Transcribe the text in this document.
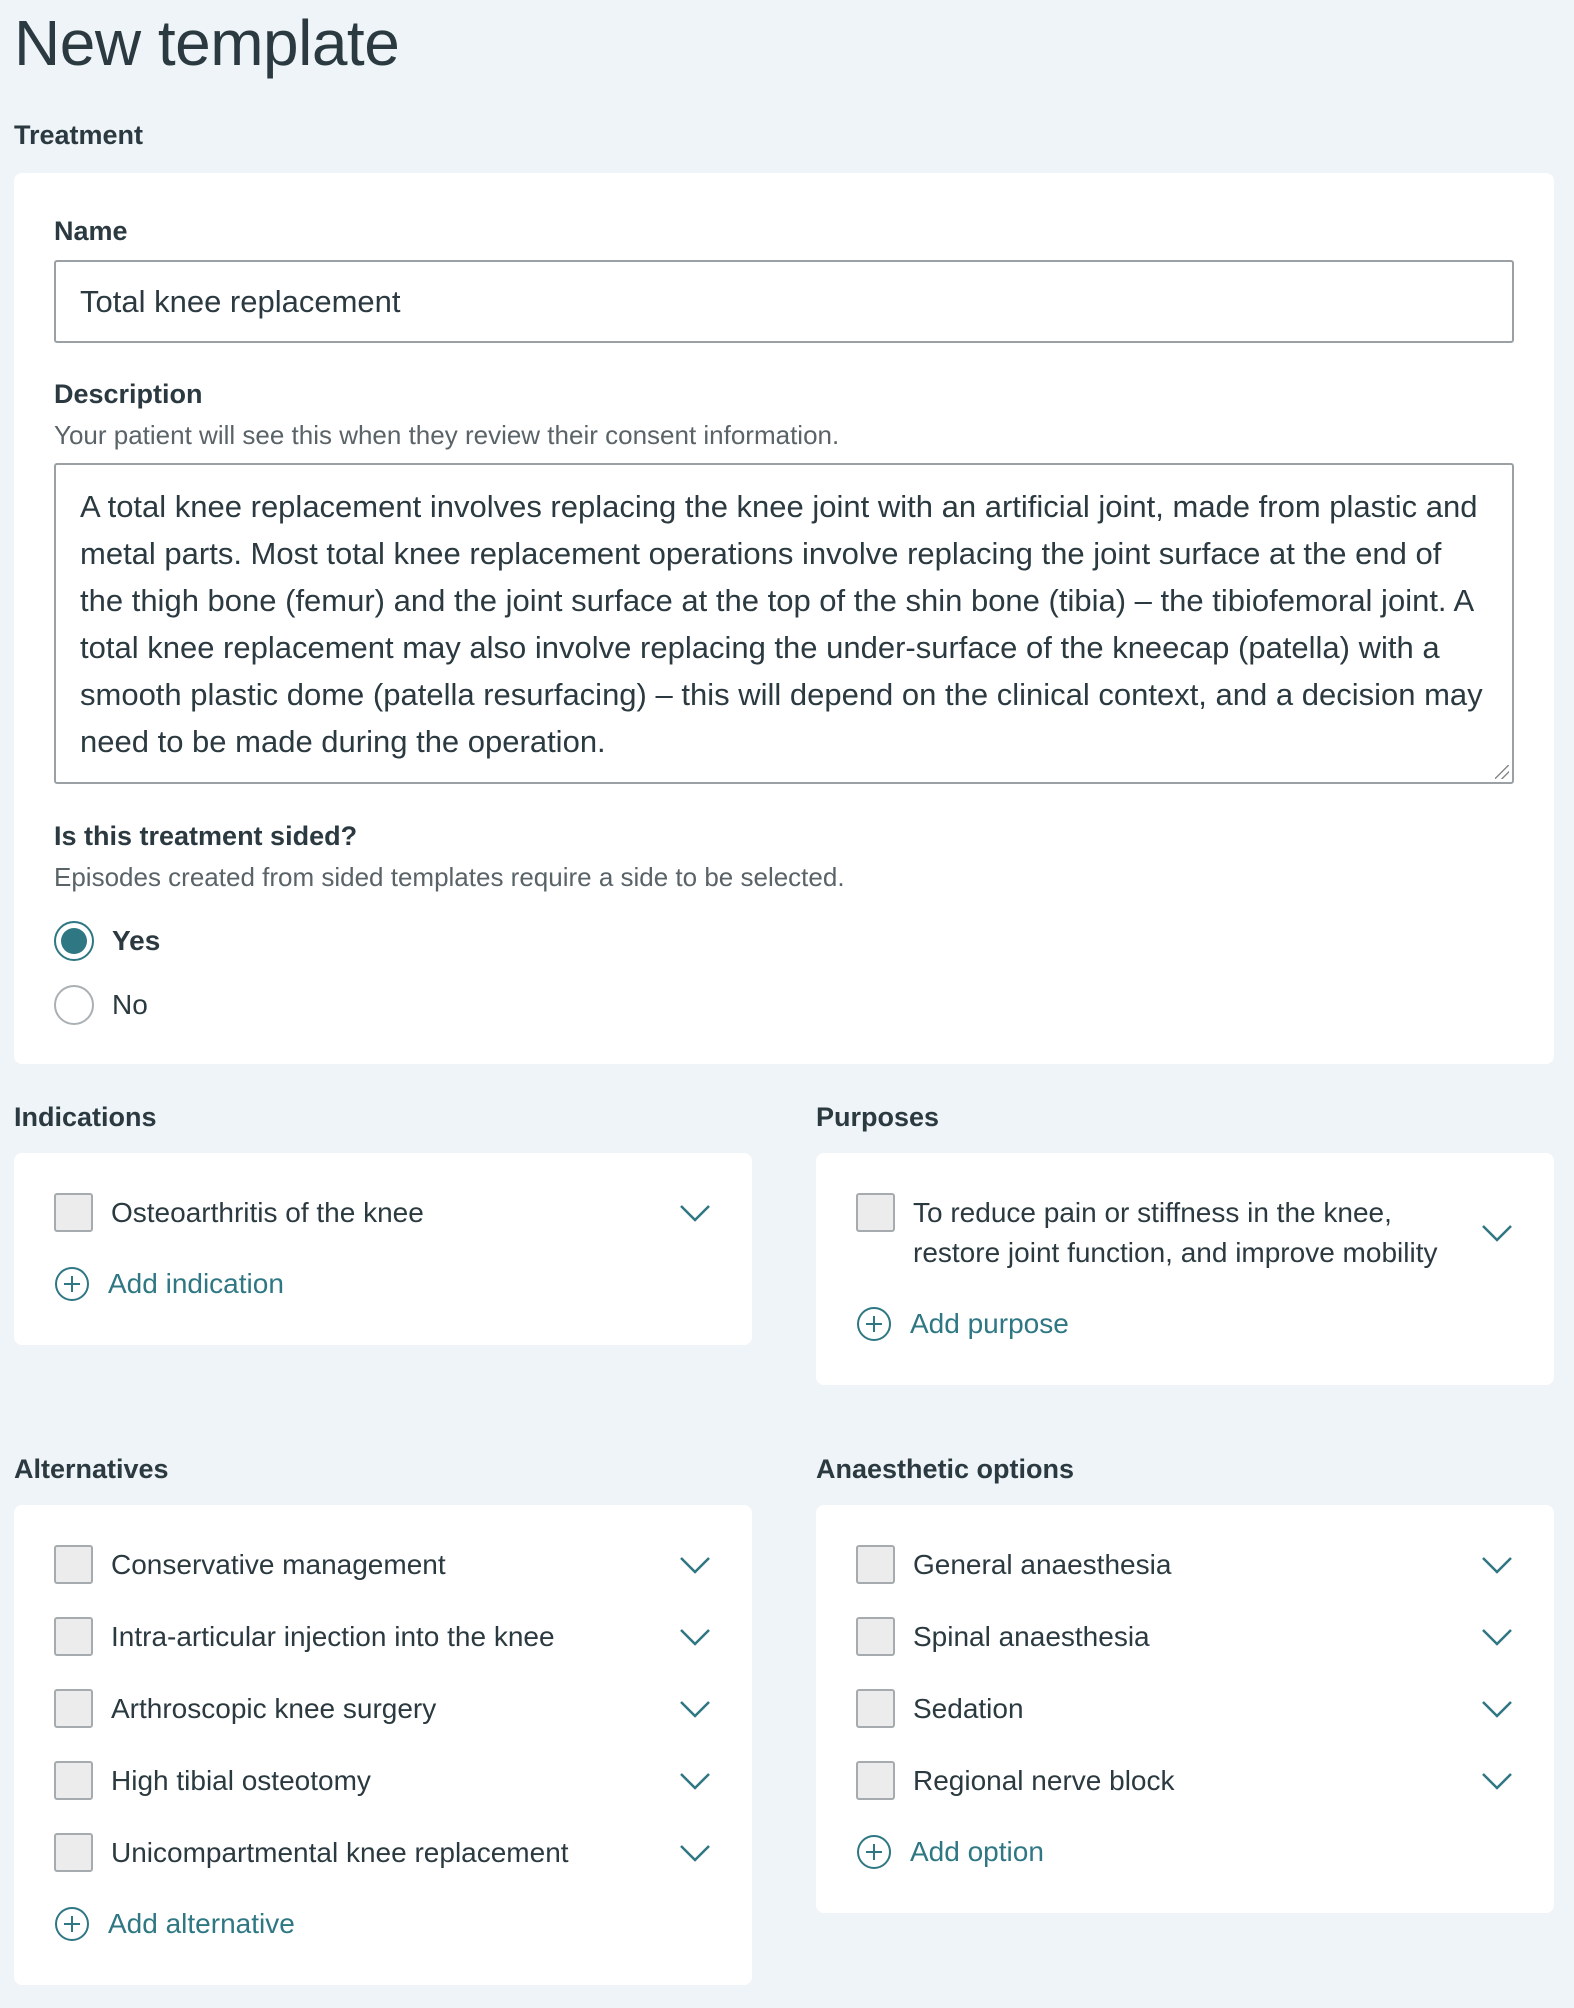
New template
Treatment
Name
Total knee replacement
Description
Your patient will see this when they review their consent information.
A total knee replacement involves replacing the knee joint with an artificial joint, made from plastic and metal parts. Most total knee replacement operations involve replacing the joint surface at the end of the thigh bone (femur) and the joint surface at the top of the shin bone (tibia) – the tibiofemoral joint. A total knee replacement may also involve replacing the under-surface of the kneecap (patella) with a smooth plastic dome (patella resurfacing) – this will depend on the clinical context, and a decision may need to be made during the operation.
Is this treatment sided?
Episodes created from sided templates require a side to be selected.
Yes
No
Indications
Osteoarthritis of the knee
Add indication
Purposes
To reduce pain or stiffness in the knee, restore joint function, and improve mobility
Add purpose
Alternatives
Conservative management
Intra-articular injection into the knee
Arthroscopic knee surgery
High tibial osteotomy
Unicompartmental knee replacement
Add alternative
Anaesthetic options
General anaesthesia
Spinal anaesthesia
Sedation
Regional nerve block
Add option
